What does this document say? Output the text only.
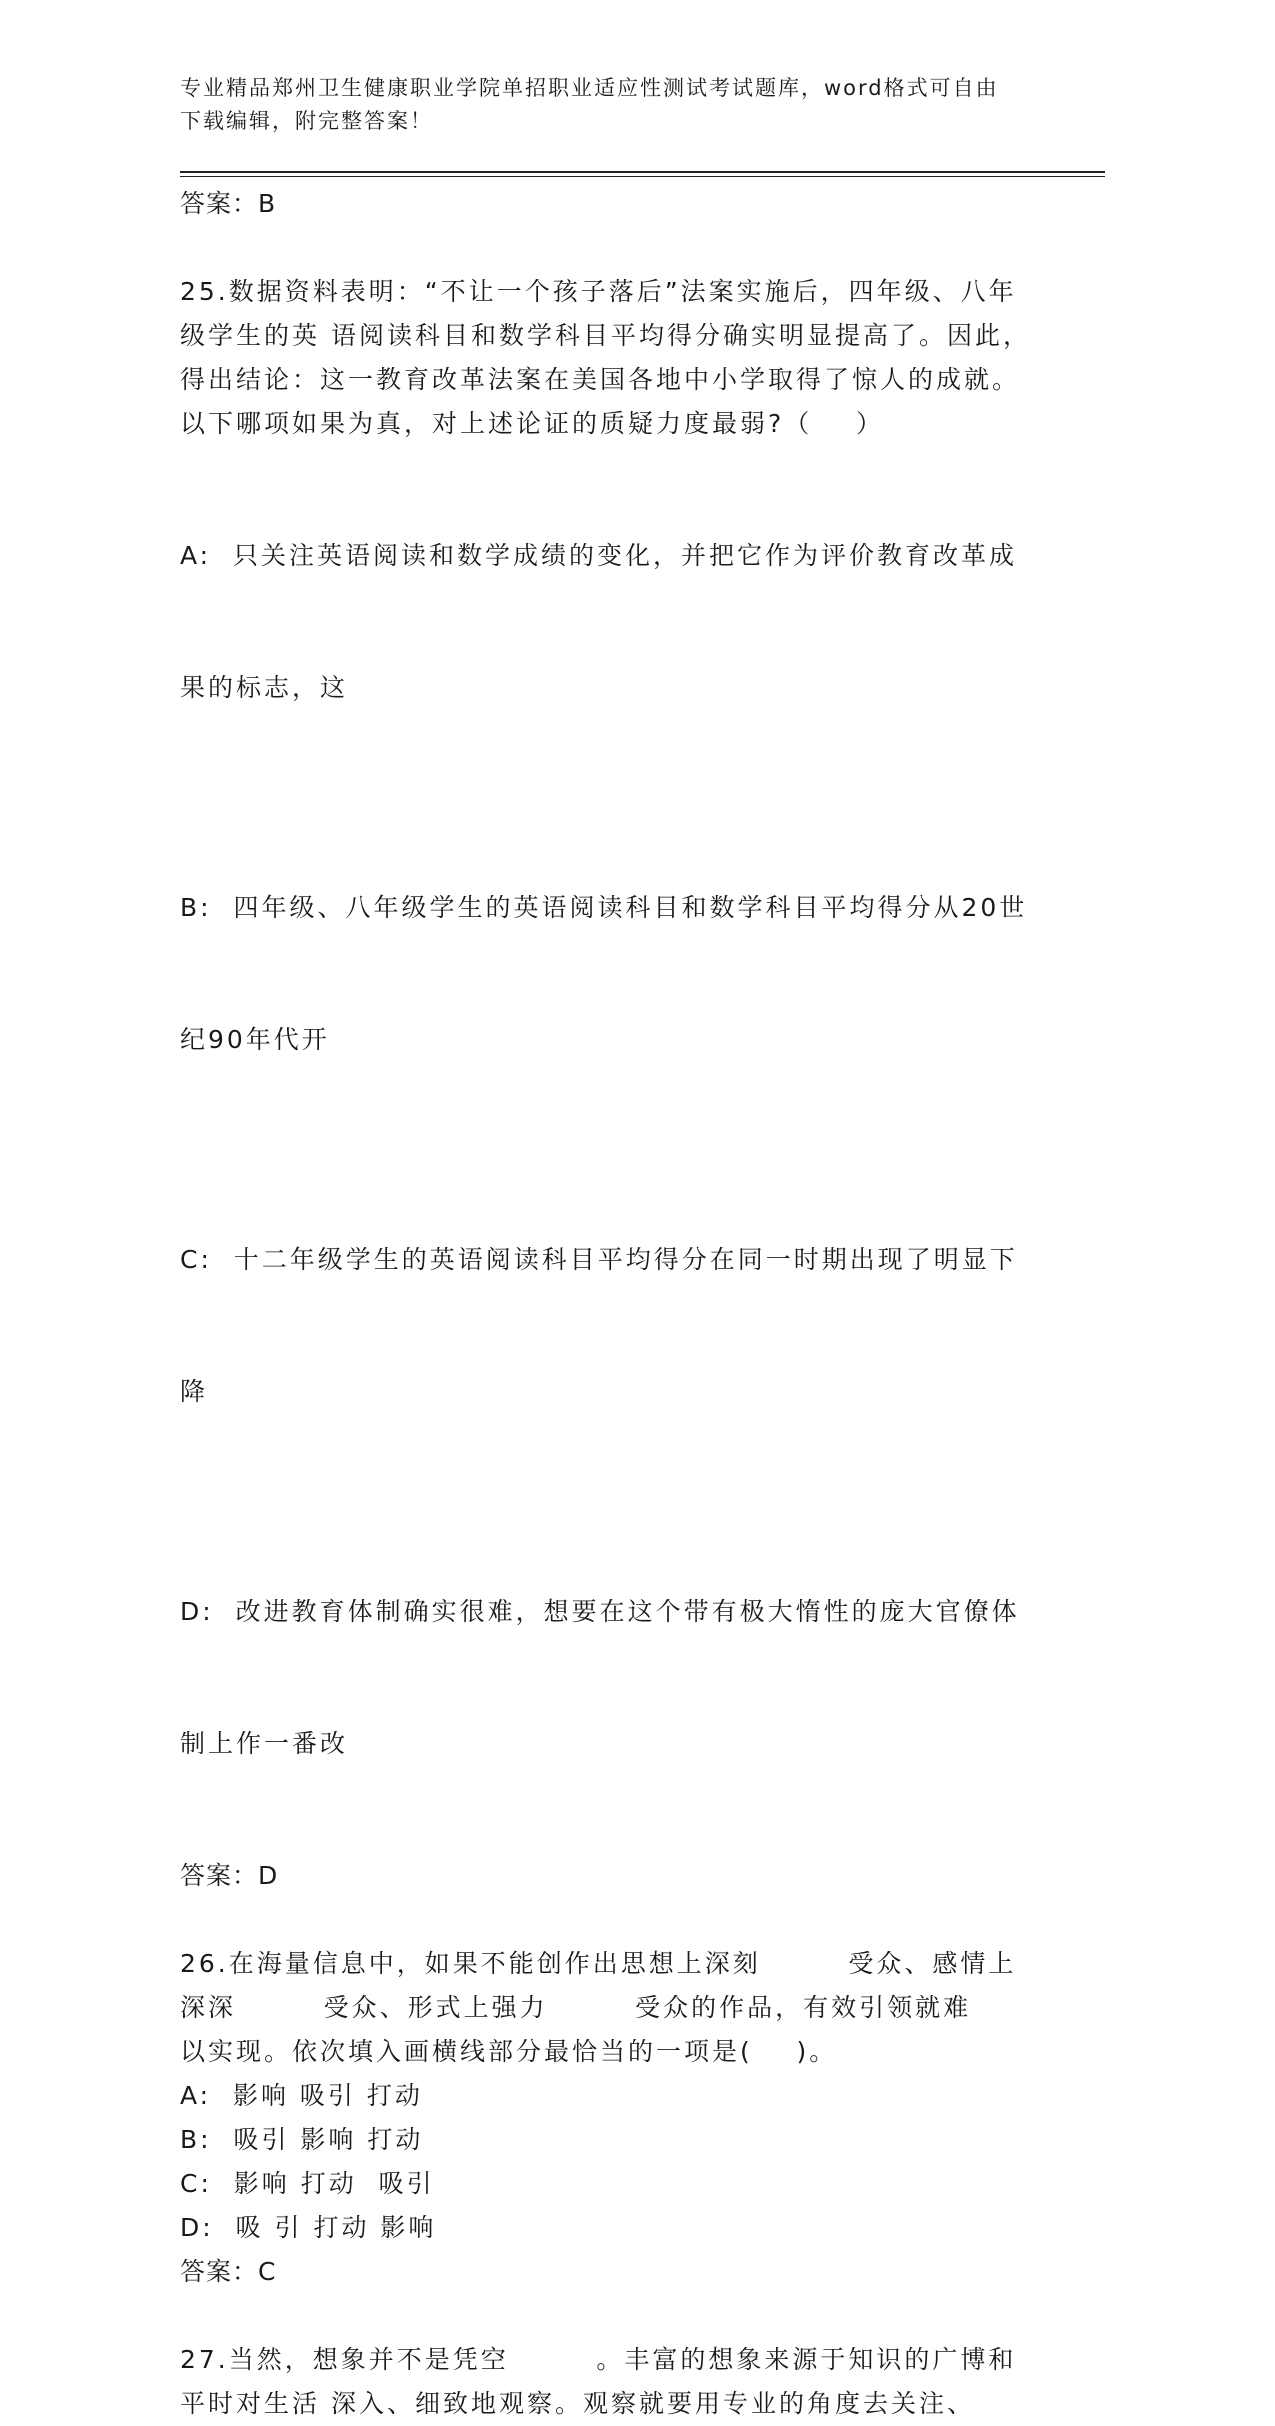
专业精品郑州卫生健康职业学院单招职业适应性测试考试题库，word格式可自由
下载编辑，附完整答案！
答案：B
25.数据资料表明：“不让一个孩子落后”法案实施后，四年级、八年
级学生的英 语阅读科目和数学科目平均得分确实明显提高了。因此，
得出结论：这一教育改革法案在美国各地中小学取得了惊人的成就。
以下哪项如果为真，对上述论证的质疑力度最弱?（    ）

A:  只关注英语阅读和数学成绩的变化，并把它作为评价教育改革成

果的标志，这

B:  四年级、八年级学生的英语阅读科目和数学科目平均得分从20世

纪90年代开

C:  十二年级学生的英语阅读科目平均得分在同一时期出现了明显下

降

D:  改进教育体制确实很难，想要在这个带有极大惰性的庞大官僚体

制上作一番改

答案：D
26.在海量信息中，如果不能创作出思想上深刻        受众、感情上
深深        受众、形式上强力        受众的作品，有效引领就难
以实现。依次填入画横线部分最恰当的一项是(    )。
A:  影响 吸引 打动
B:  吸引 影响 打动
C:  影响 打动  吸引
D:  吸 引 打动 影响
答案：C
27.当然，想象并不是凭空        。丰富的想象来源于知识的广博和
平时对生活 深入、细致地观察。观察就要用专业的角度去关注、
